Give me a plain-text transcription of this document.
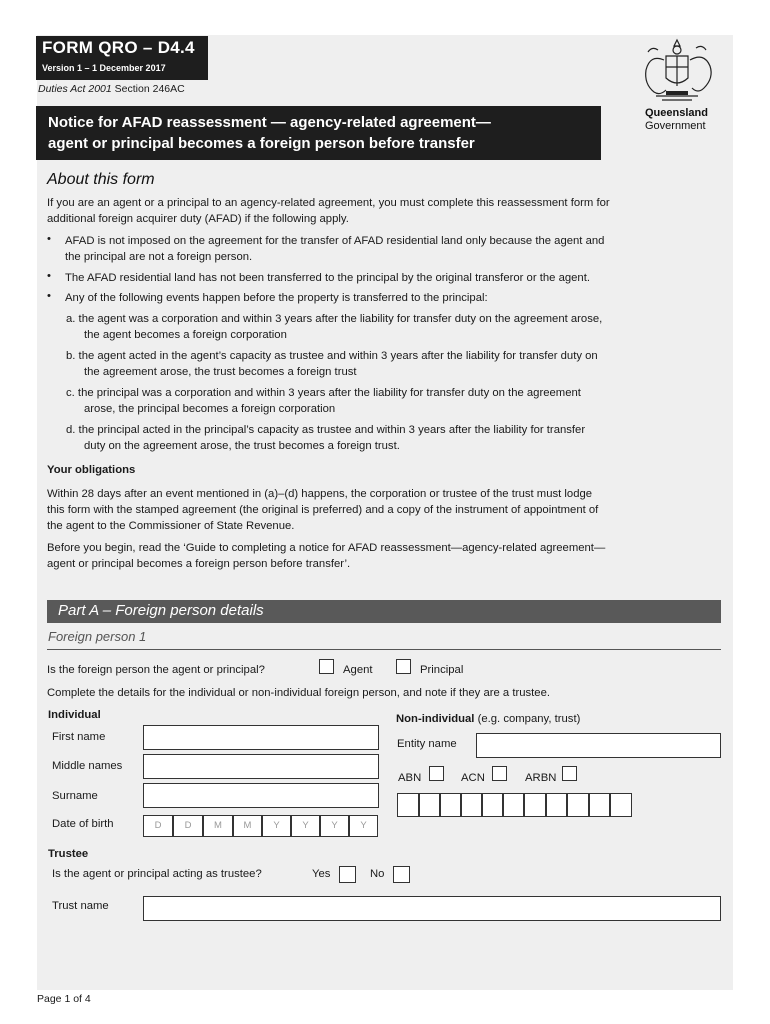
FORM QRO – D4.4
Version 1 – 1 December 2017
Duties Act 2001 Section 246AC
Notice for AFAD reassessment — agency-related agreement—
agent or principal becomes a foreign person before transfer
Queensland
Government
About this form
If you are an agent or a principal to an agency-related agreement, you must complete this reassessment form for
additional foreign acquirer duty (AFAD) if the following apply.
• AFAD is not imposed on the agreement for the transfer of AFAD residential land only because the agent and
the principal are not a foreign person.
• The AFAD residential land has not been transferred to the principal by the original transferor or the agent.
• Any of the following events happen before the property is transferred to the principal:
a. the agent was a corporation and within 3 years after the liability for transfer duty on the agreement arose,
the agent becomes a foreign corporation
b. the agent acted in the agent’s capacity as trustee and within 3 years after the liability for transfer duty on
the agreement arose, the trust becomes a foreign trust
c. the principal was a corporation and within 3 years after the liability for transfer duty on the agreement
arose, the principal becomes a foreign corporation
d. the principal acted in the principal’s capacity as trustee and within 3 years after the liability for transfer
duty on the agreement arose, the trust becomes a foreign trust.
Your obligations
Within 28 days after an event mentioned in (a)–(d) happens, the corporation or trustee of the trust must lodge
this form with the stamped agreement (the original is preferred) and a copy of the instrument of appointment of
the agent to the Commissioner of State Revenue.
Before you begin, read the ‘Guide to completing a notice for AFAD reassessment—agency-related agreement—
agent or principal becomes a foreign person before transfer’.
Part A – Foreign person details
Foreign person 1
Is the foreign person the agent or principal?	Agent	Principal
Complete the details for the individual or non-individual foreign person, and note if they are a trustee.
Individual	Non-individual (e.g. company, trust)
First name
Middle names
Surname
Date of birth	D	D	M	M	Y	Y	Y	Y
Entity name
ABN	ACN	ARBN
Trustee
Is the agent or principal acting as trustee?	Yes	No
Trust name
Page 1 of 4
